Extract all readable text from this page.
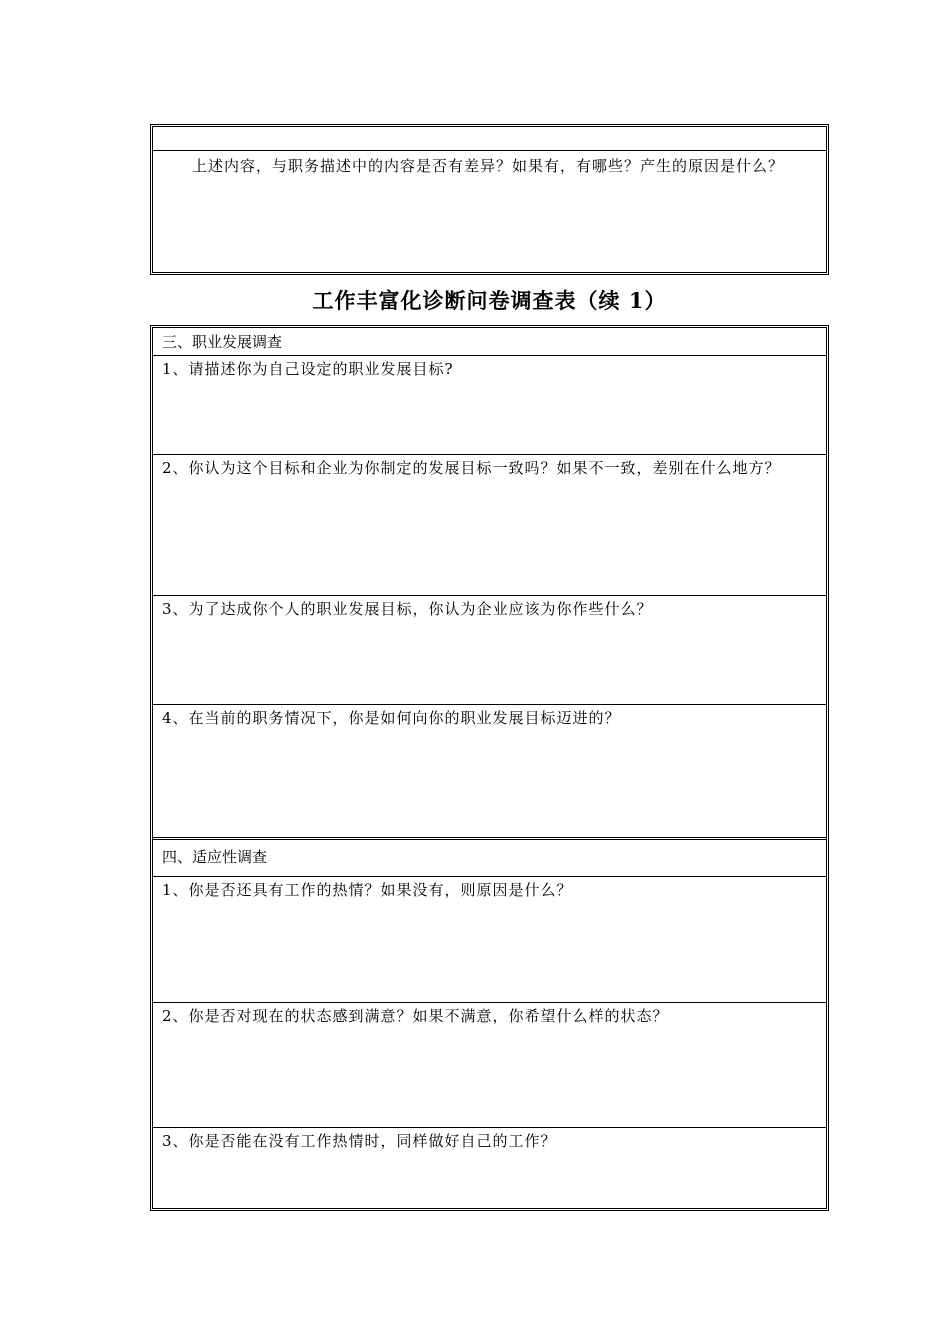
上述内容，与职务描述中的内容是否有差异？如果有，有哪些？产生的原因是什么？
工作丰富化诊断问卷调查表（续 1）
三、职业发展调查
1、请描述你为自己设定的职业发展目标?
2、你认为这个目标和企业为你制定的发展目标一致吗？如果不一致，差别在什么地方？
3、为了达成你个人的职业发展目标，你认为企业应该为你作些什么？
4、在当前的职务情况下，你是如何向你的职业发展目标迈进的？
四、适应性调查
1、你是否还具有工作的热情？如果没有，则原因是什么？
2、你是否对现在的状态感到满意？如果不满意，你希望什么样的状态？
3、你是否能在没有工作热情时，同样做好自己的工作？
